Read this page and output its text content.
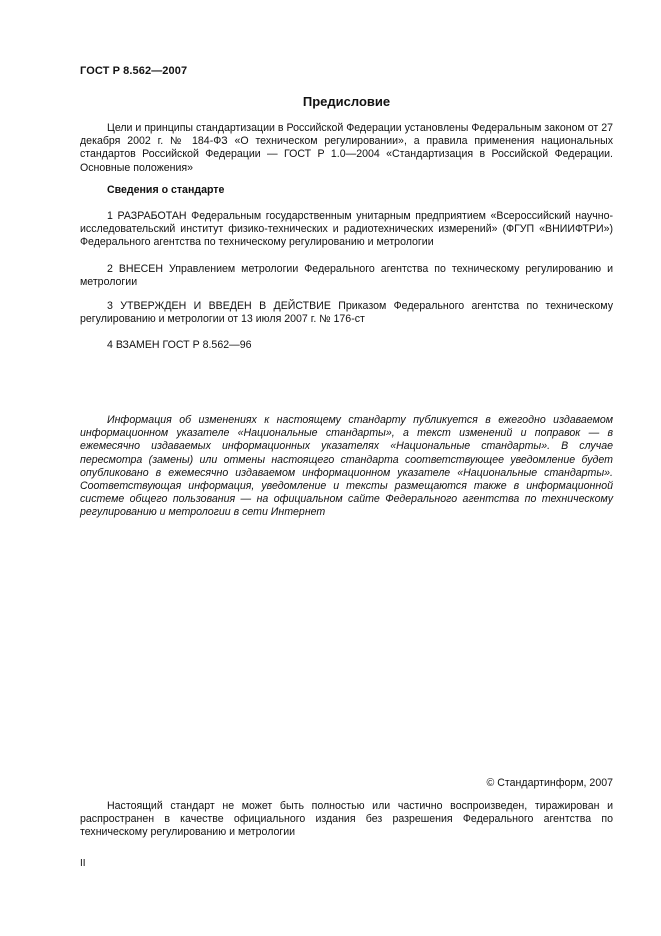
ГОСТ Р 8.562—2007
Предисловие

Цели и принципы стандартизации в Российской Федерации установлены Федеральным законом от 27 декабря 2002 г. № 184-ФЗ «О техническом регулировании», а правила применения национальных стандартов Российской Федерации — ГОСТ Р 1.0—2004 «Стандартизация в Российской Федерации. Основные положения»

Сведения о стандарте

1 РАЗРАБОТАН Федеральным государственным унитарным предприятием «Всероссийский научно-исследовательский институт физико-технических и радиотехнических измерений» (ФГУП «ВНИИФТРИ») Федерального агентства по техническому регулированию и метрологии

2 ВНЕСЕН Управлением метрологии Федерального агентства по техническому регулированию и метрологии

3 УТВЕРЖДЕН И ВВЕДЕН В ДЕЙСТВИЕ Приказом Федерального агентства по техническому регулированию и метрологии от 13 июля 2007 г. № 176-ст

4 ВЗАМЕН ГОСТ Р 8.562—96

Информация об изменениях к настоящему стандарту публикуется в ежегодно издаваемом информационном указателе «Национальные стандарты», а текст изменений и поправок — в ежемесячно издаваемых информационных указателях «Национальные стандарты». В случае пересмотра (замены) или отмены настоящего стандарта соответствующее уведомление будет опубликовано в ежемесячно издаваемом информационном указателе «Национальные стандарты». Соответствующая информация, уведомление и тексты размещаются также в информационной системе общего пользования — на официальном сайте Федерального агентства по техническому регулированию и метрологии в сети Интернет

© Стандартинформ, 2007

Настоящий стандарт не может быть полностью или частично воспроизведен, тиражирован и распространен в качестве официального издания без разрешения Федерального агентства по техническому регулированию и метрологии

II
